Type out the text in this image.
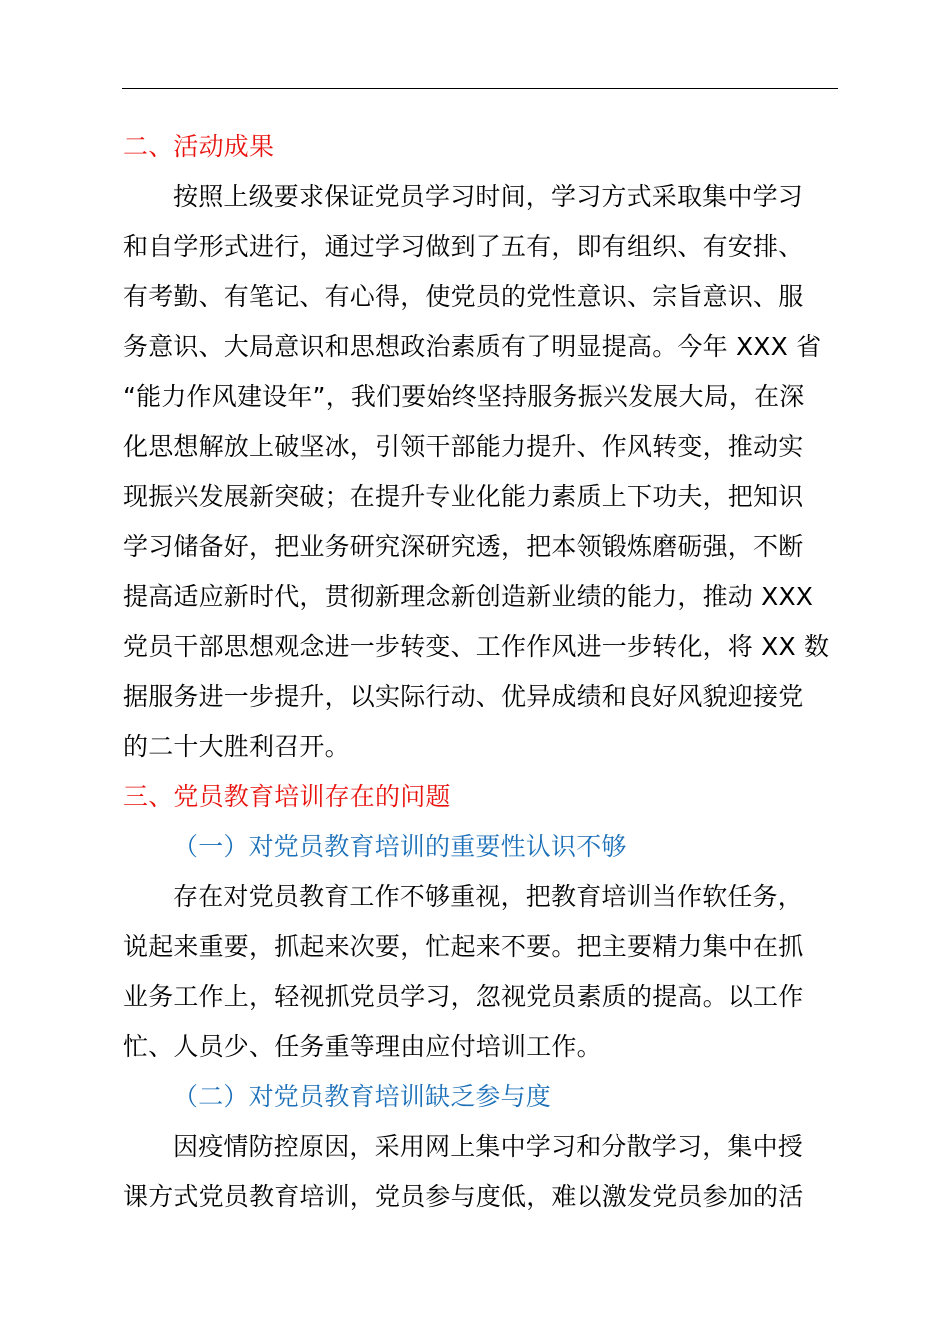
二、活动成果
按照上级要求保证党员学习时间，学习方式采取集中学习
和自学形式进行，通过学习做到了五有，即有组织、有安排、
有考勤、有笔记、有心得，使党员的党性意识、宗旨意识、服
务意识、大局意识和思想政治素质有了明显提高。今年 XXX 省
“能力作风建设年”，我们要始终坚持服务振兴发展大局，在深
化思想解放上破坚冰，引领干部能力提升、作风转变，推动实
现振兴发展新突破；在提升专业化能力素质上下功夫，把知识
学习储备好，把业务研究深研究透，把本领锻炼磨砺强，不断
提高适应新时代，贯彻新理念新创造新业绩的能力，推动 XXX
党员干部思想观念进一步转变、工作作风进一步转化，将 XX 数
据服务进一步提升，以实际行动、优异成绩和良好风貌迎接党
的二十大胜利召开。
三、党员教育培训存在的问题
（一）对党员教育培训的重要性认识不够
存在对党员教育工作不够重视，把教育培训当作软任务，
说起来重要，抓起来次要，忙起来不要。把主要精力集中在抓
业务工作上，轻视抓党员学习，忽视党员素质的提高。以工作
忙、人员少、任务重等理由应付培训工作。
（二）对党员教育培训缺乏参与度
因疫情防控原因，采用网上集中学习和分散学习，集中授
课方式党员教育培训，党员参与度低，难以激发党员参加的活
